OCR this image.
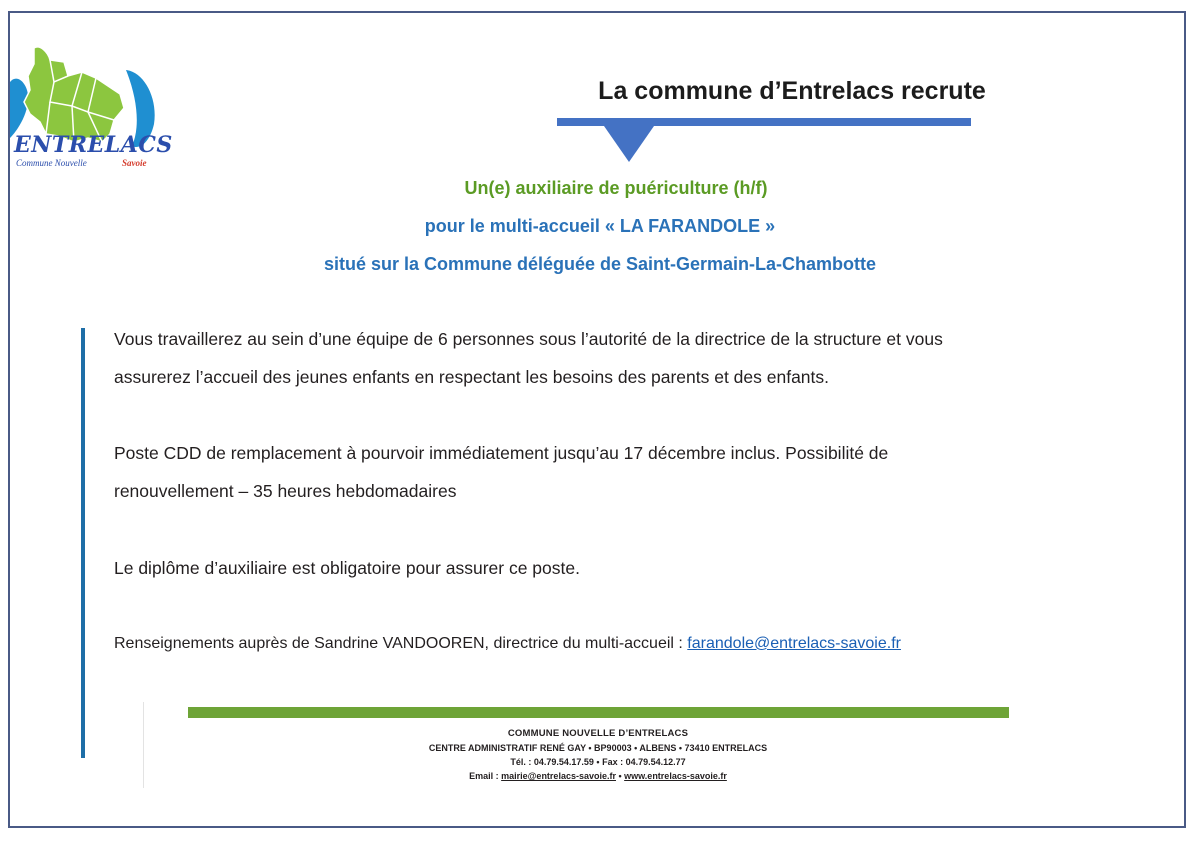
ENTRELACS
Commune Nouvelle	Savoie
La commune d’Entrelacs recrute

Un(e) auxiliaire de puériculture (h/f)

pour le multi-accueil « LA FARANDOLE »

situé sur la Commune déléguée de Saint-Germain-La-Chambotte

Vous travaillerez au sein d’une équipe de 6 personnes sous l’autorité de la directrice de la structure et vous
assurerez l’accueil des jeunes enfants en respectant les besoins des parents et des enfants.

Poste CDD de remplacement à pourvoir immédiatement jusqu’au 17 décembre inclus. Possibilité de
renouvellement – 35 heures hebdomadaires

Le diplôme d’auxiliaire est obligatoire pour assurer ce poste.

Renseignements auprès de Sandrine VANDOOREN, directrice du multi-accueil : farandole@entrelacs-savoie.fr

COMMUNE NOUVELLE D’ENTRELACS
CENTRE ADMINISTRATIF RENÉ GAY • BP90003 • ALBENS • 73410 ENTRELACS
Tél. : 04.79.54.17.59 • Fax : 04.79.54.12.77
Email : mairie@entrelacs-savoie.fr • www.entrelacs-savoie.fr
